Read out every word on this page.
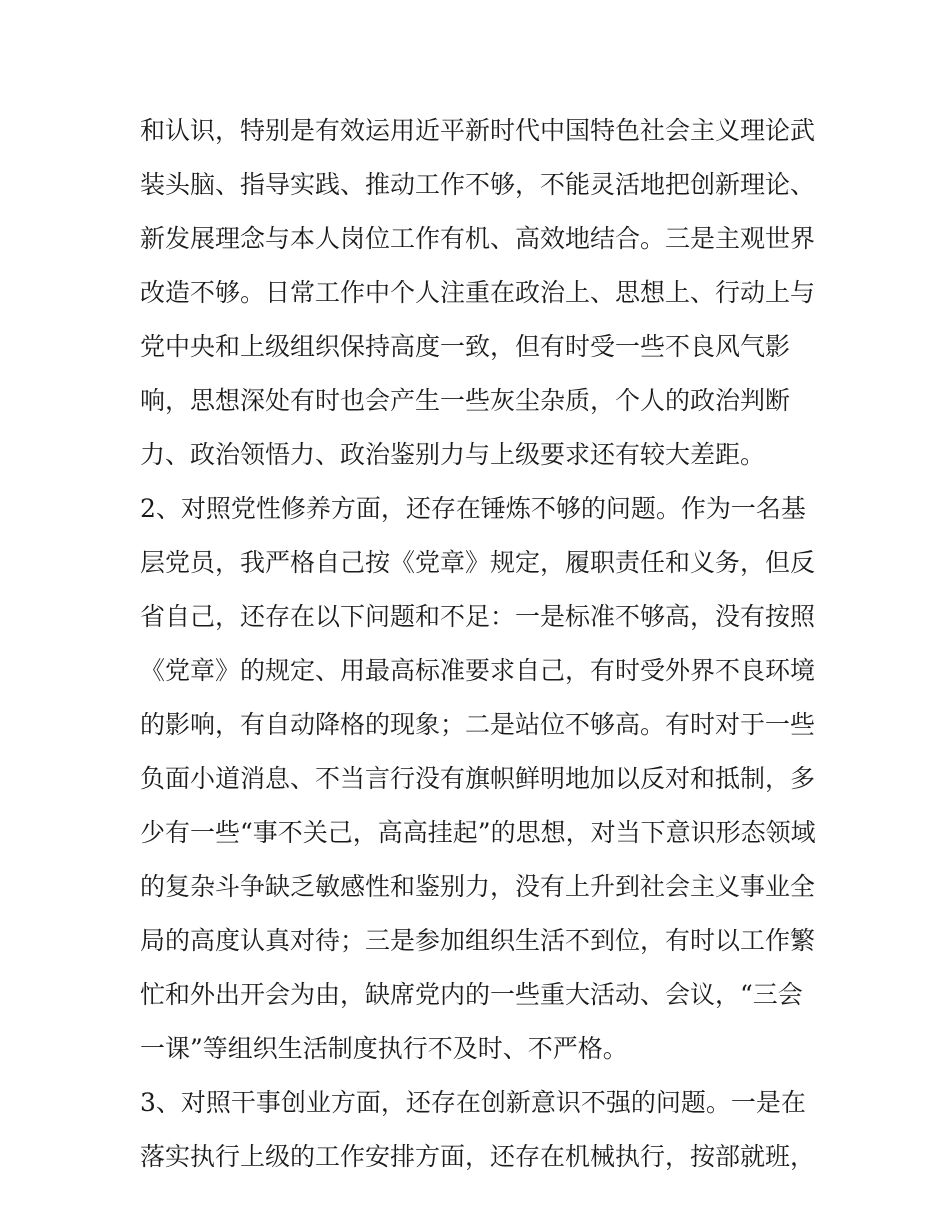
和认识，特别是有效运用近平新时代中国特色社会主义理论武
装头脑、指导实践、推动工作不够，不能灵活地把创新理论、
新发展理念与本人岗位工作有机、高效地结合。三是主观世界
改造不够。日常工作中个人注重在政治上、思想上、行动上与
党中央和上级组织保持高度一致，但有时受一些不良风气影
响，思想深处有时也会产生一些灰尘杂质，个人的政治判断
力、政治领悟力、政治鉴别力与上级要求还有较大差距。
2、对照党性修养方面，还存在锤炼不够的问题。作为一名基
层党员，我严格自己按《党章》规定，履职责任和义务，但反
省自己，还存在以下问题和不足：一是标准不够高，没有按照
《党章》的规定、用最高标准要求自己，有时受外界不良环境
的影响，有自动降格的现象；二是站位不够高。有时对于一些
负面小道消息、不当言行没有旗帜鲜明地加以反对和抵制，多
少有一些“事不关己，高高挂起”的思想，对当下意识形态领域
的复杂斗争缺乏敏感性和鉴别力，没有上升到社会主义事业全
局的高度认真对待；三是参加组织生活不到位，有时以工作繁
忙和外出开会为由，缺席党内的一些重大活动、会议，“三会
一课”等组织生活制度执行不及时、不严格。
3、对照干事创业方面，还存在创新意识不强的问题。一是在
落实执行上级的工作安排方面，还存在机械执行，按部就班，
